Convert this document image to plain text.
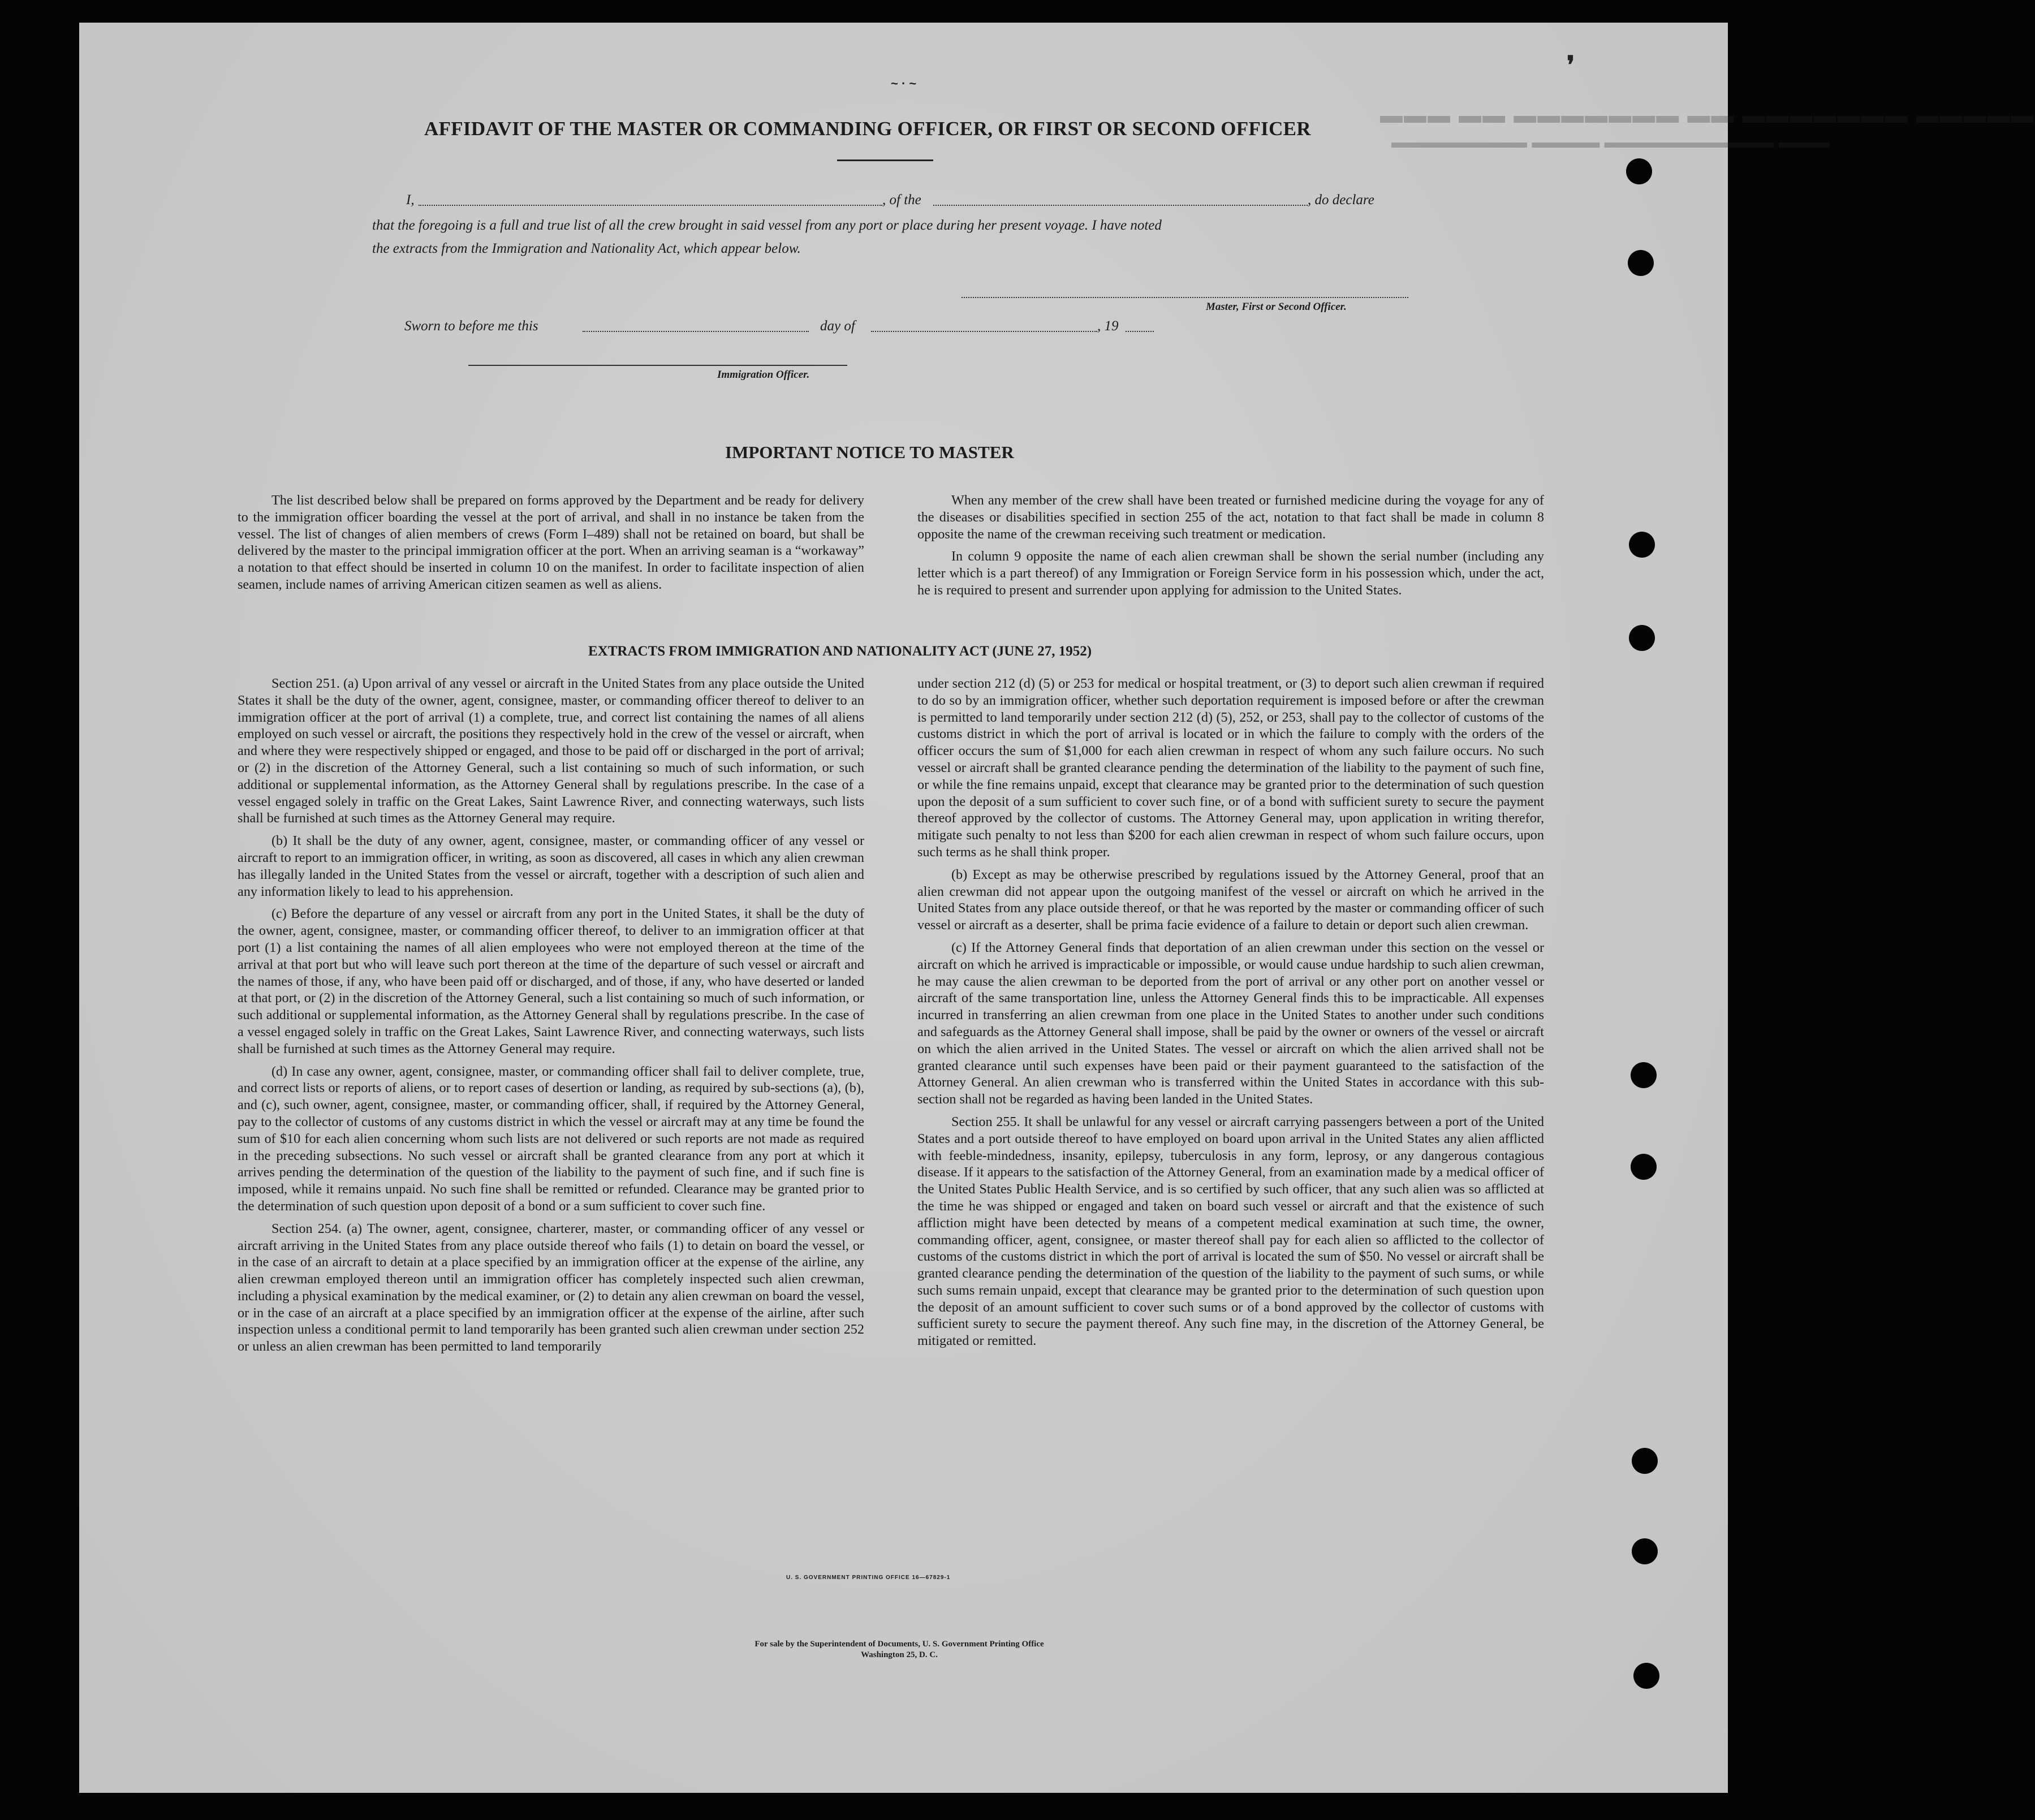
▬▬▬ ▬▬ ▬▬▬▬▬▬▬ ▬▬ ▬▬▬▬▬▬▬ ▬▬▬▬▬
▬▬▬▬▬▬▬▬ ▬▬▬▬ ▬▬▬▬▬▬▬▬▬▬ ▬▬▬
❜
~ · ~
AFFIDAVIT OF THE MASTER OR COMMANDING OFFICER, OR FIRST OR SECOND OFFICER
I,	, of the	, do declare
that the foregoing is a full and true list of all the crew brought in said vessel from any port or place during her present voyage. I have noted
the extracts from the Immigration and Nationality Act, which appear below.
Master, First or Second Officer.
Sworn to before me this	day of	, 19
Immigration Officer.
IMPORTANT NOTICE TO MASTER

The list described below shall be prepared on forms approved by the Department and be ready for delivery to the immigration officer boarding the vessel at the port of arrival, and shall in no instance be taken from the vessel. The list of changes of alien members of crews (Form I–489) shall not be retained on board, but shall be delivered by the master to the principal immigration officer at the port. When an arriving seaman is a “workaway” a notation to that effect should be inserted in column 10 on the manifest. In order to facilitate inspection of alien seamen, include names of arriving American citizen seamen as well as aliens.

When any member of the crew shall have been treated or furnished medicine during the voyage for any of the diseases or disabilities specified in section 255 of the act, notation to that fact shall be made in column 8 opposite the name of the crewman receiving such treatment or medication.

In column 9 opposite the name of each alien crewman shall be shown the serial number (including any letter which is a part thereof) of any Immigration or Foreign Service form in his possession which, under the act, he is required to present and surrender upon applying for admission to the United States.

EXTRACTS FROM IMMIGRATION AND NATIONALITY ACT (JUNE 27, 1952)

Section 251. (a) Upon arrival of any vessel or aircraft in the United States from any place outside the United States it shall be the duty of the owner, agent, consignee, master, or commanding officer thereof to deliver to an immigration officer at the port of arrival (1) a complete, true, and correct list containing the names of all aliens employed on such vessel or aircraft, the positions they respectively hold in the crew of the vessel or aircraft, when and where they were respectively shipped or engaged, and those to be paid off or discharged in the port of arrival; or (2) in the discretion of the Attorney General, such a list containing so much of such information, or such additional or supplemental information, as the Attorney General shall by regulations prescribe. In the case of a vessel engaged solely in traffic on the Great Lakes, Saint Lawrence River, and connecting waterways, such lists shall be furnished at such times as the Attorney General may require.

(b) It shall be the duty of any owner, agent, consignee, master, or commanding officer of any vessel or aircraft to report to an immigration officer, in writing, as soon as discovered, all cases in which any alien crewman has illegally landed in the United States from the vessel or aircraft, together with a description of such alien and any information likely to lead to his apprehension.

(c) Before the departure of any vessel or aircraft from any port in the United States, it shall be the duty of the owner, agent, consignee, master, or commanding officer thereof, to deliver to an immigration officer at that port (1) a list containing the names of all alien employees who were not employed thereon at the time of the arrival at that port but who will leave such port thereon at the time of the departure of such vessel or aircraft and the names of those, if any, who have been paid off or discharged, and of those, if any, who have deserted or landed at that port, or (2) in the discretion of the Attorney General, such a list containing so much of such information, or such additional or supplemental information, as the Attorney General shall by regulations prescribe. In the case of a vessel engaged solely in traffic on the Great Lakes, Saint Lawrence River, and connecting waterways, such lists shall be furnished at such times as the Attorney General may require.

(d) In case any owner, agent, consignee, master, or commanding officer shall fail to deliver complete, true, and correct lists or reports of aliens, or to report cases of desertion or landing, as required by sub-sections (a), (b), and (c), such owner, agent, consignee, master, or commanding officer, shall, if required by the Attorney General, pay to the collector of customs of any customs district in which the vessel or aircraft may at any time be found the sum of $10 for each alien concerning whom such lists are not delivered or such reports are not made as required in the preceding subsections. No such vessel or aircraft shall be granted clearance from any port at which it arrives pending the determination of the question of the liability to the payment of such fine, and if such fine is imposed, while it remains unpaid. No such fine shall be remitted or refunded. Clearance may be granted prior to the determination of such question upon deposit of a bond or a sum sufficient to cover such fine.

Section 254. (a) The owner, agent, consignee, charterer, master, or commanding officer of any vessel or aircraft arriving in the United States from any place outside thereof who fails (1) to detain on board the vessel, or in the case of an aircraft to detain at a place specified by an immigration officer at the expense of the airline, any alien crewman employed thereon until an immigration officer has completely inspected such alien crewman, including a physical examination by the medical examiner, or (2) to detain any alien crewman on board the vessel, or in the case of an aircraft at a place specified by an immigration officer at the expense of the airline, after such inspection unless a conditional permit to land temporarily has been granted such alien crewman under section 252 or unless an alien crewman has been permitted to land temporarily

under section 212 (d) (5) or 253 for medical or hospital treatment, or (3) to deport such alien crewman if required to do so by an immigration officer, whether such deportation requirement is imposed before or after the crewman is permitted to land temporarily under section 212 (d) (5), 252, or 253, shall pay to the collector of customs of the customs district in which the port of arrival is located or in which the failure to comply with the orders of the officer occurs the sum of $1,000 for each alien crewman in respect of whom any such failure occurs. No such vessel or aircraft shall be granted clearance pending the determination of the liability to the payment of such fine, or while the fine remains unpaid, except that clearance may be granted prior to the determination of such question upon the deposit of a sum sufficient to cover such fine, or of a bond with sufficient surety to secure the payment thereof approved by the collector of customs. The Attorney General may, upon application in writing therefor, mitigate such penalty to not less than $200 for each alien crewman in respect of whom such failure occurs, upon such terms as he shall think proper.

(b) Except as may be otherwise prescribed by regulations issued by the Attorney General, proof that an alien crewman did not appear upon the outgoing manifest of the vessel or aircraft on which he arrived in the United States from any place outside thereof, or that he was reported by the master or commanding officer of such vessel or aircraft as a deserter, shall be prima facie evidence of a failure to detain or deport such alien crewman.

(c) If the Attorney General finds that deportation of an alien crewman under this section on the vessel or aircraft on which he arrived is impracticable or impossible, or would cause undue hardship to such alien crewman, he may cause the alien crewman to be deported from the port of arrival or any other port on another vessel or aircraft of the same transportation line, unless the Attorney General finds this to be impracticable. All expenses incurred in transferring an alien crewman from one place in the United States to another under such conditions and safeguards as the Attorney General shall impose, shall be paid by the owner or owners of the vessel or aircraft on which the alien arrived in the United States. The vessel or aircraft on which the alien arrived shall not be granted clearance until such expenses have been paid or their payment guaranteed to the satisfaction of the Attorney General. An alien crewman who is transferred within the United States in accordance with this sub-section shall not be regarded as having been landed in the United States.

Section 255. It shall be unlawful for any vessel or aircraft carrying passengers between a port of the United States and a port outside thereof to have employed on board upon arrival in the United States any alien afflicted with feeble-mindedness, insanity, epilepsy, tuberculosis in any form, leprosy, or any dangerous contagious disease. If it appears to the satisfaction of the Attorney General, from an examination made by a medical officer of the United States Public Health Service, and is so certified by such officer, that any such alien was so afflicted at the time he was shipped or engaged and taken on board such vessel or aircraft and that the existence of such affliction might have been detected by means of a competent medical examination at such time, the owner, commanding officer, agent, consignee, or master thereof shall pay for each alien so afflicted to the collector of customs of the customs district in which the port of arrival is located the sum of $50. No vessel or aircraft shall be granted clearance pending the determination of the question of the liability to the payment of such sums, or while such sums remain unpaid, except that clearance may be granted prior to the determination of such question upon the deposit of an amount sufficient to cover such sums or of a bond approved by the collector of customs with sufficient surety to secure the payment thereof. Any such fine may, in the discretion of the Attorney General, be mitigated or remitted.

U. S. GOVERNMENT PRINTING OFFICE 16—67829-1
For sale by the Superintendent of Documents, U. S. Government Printing Office
Washington 25, D. C.
